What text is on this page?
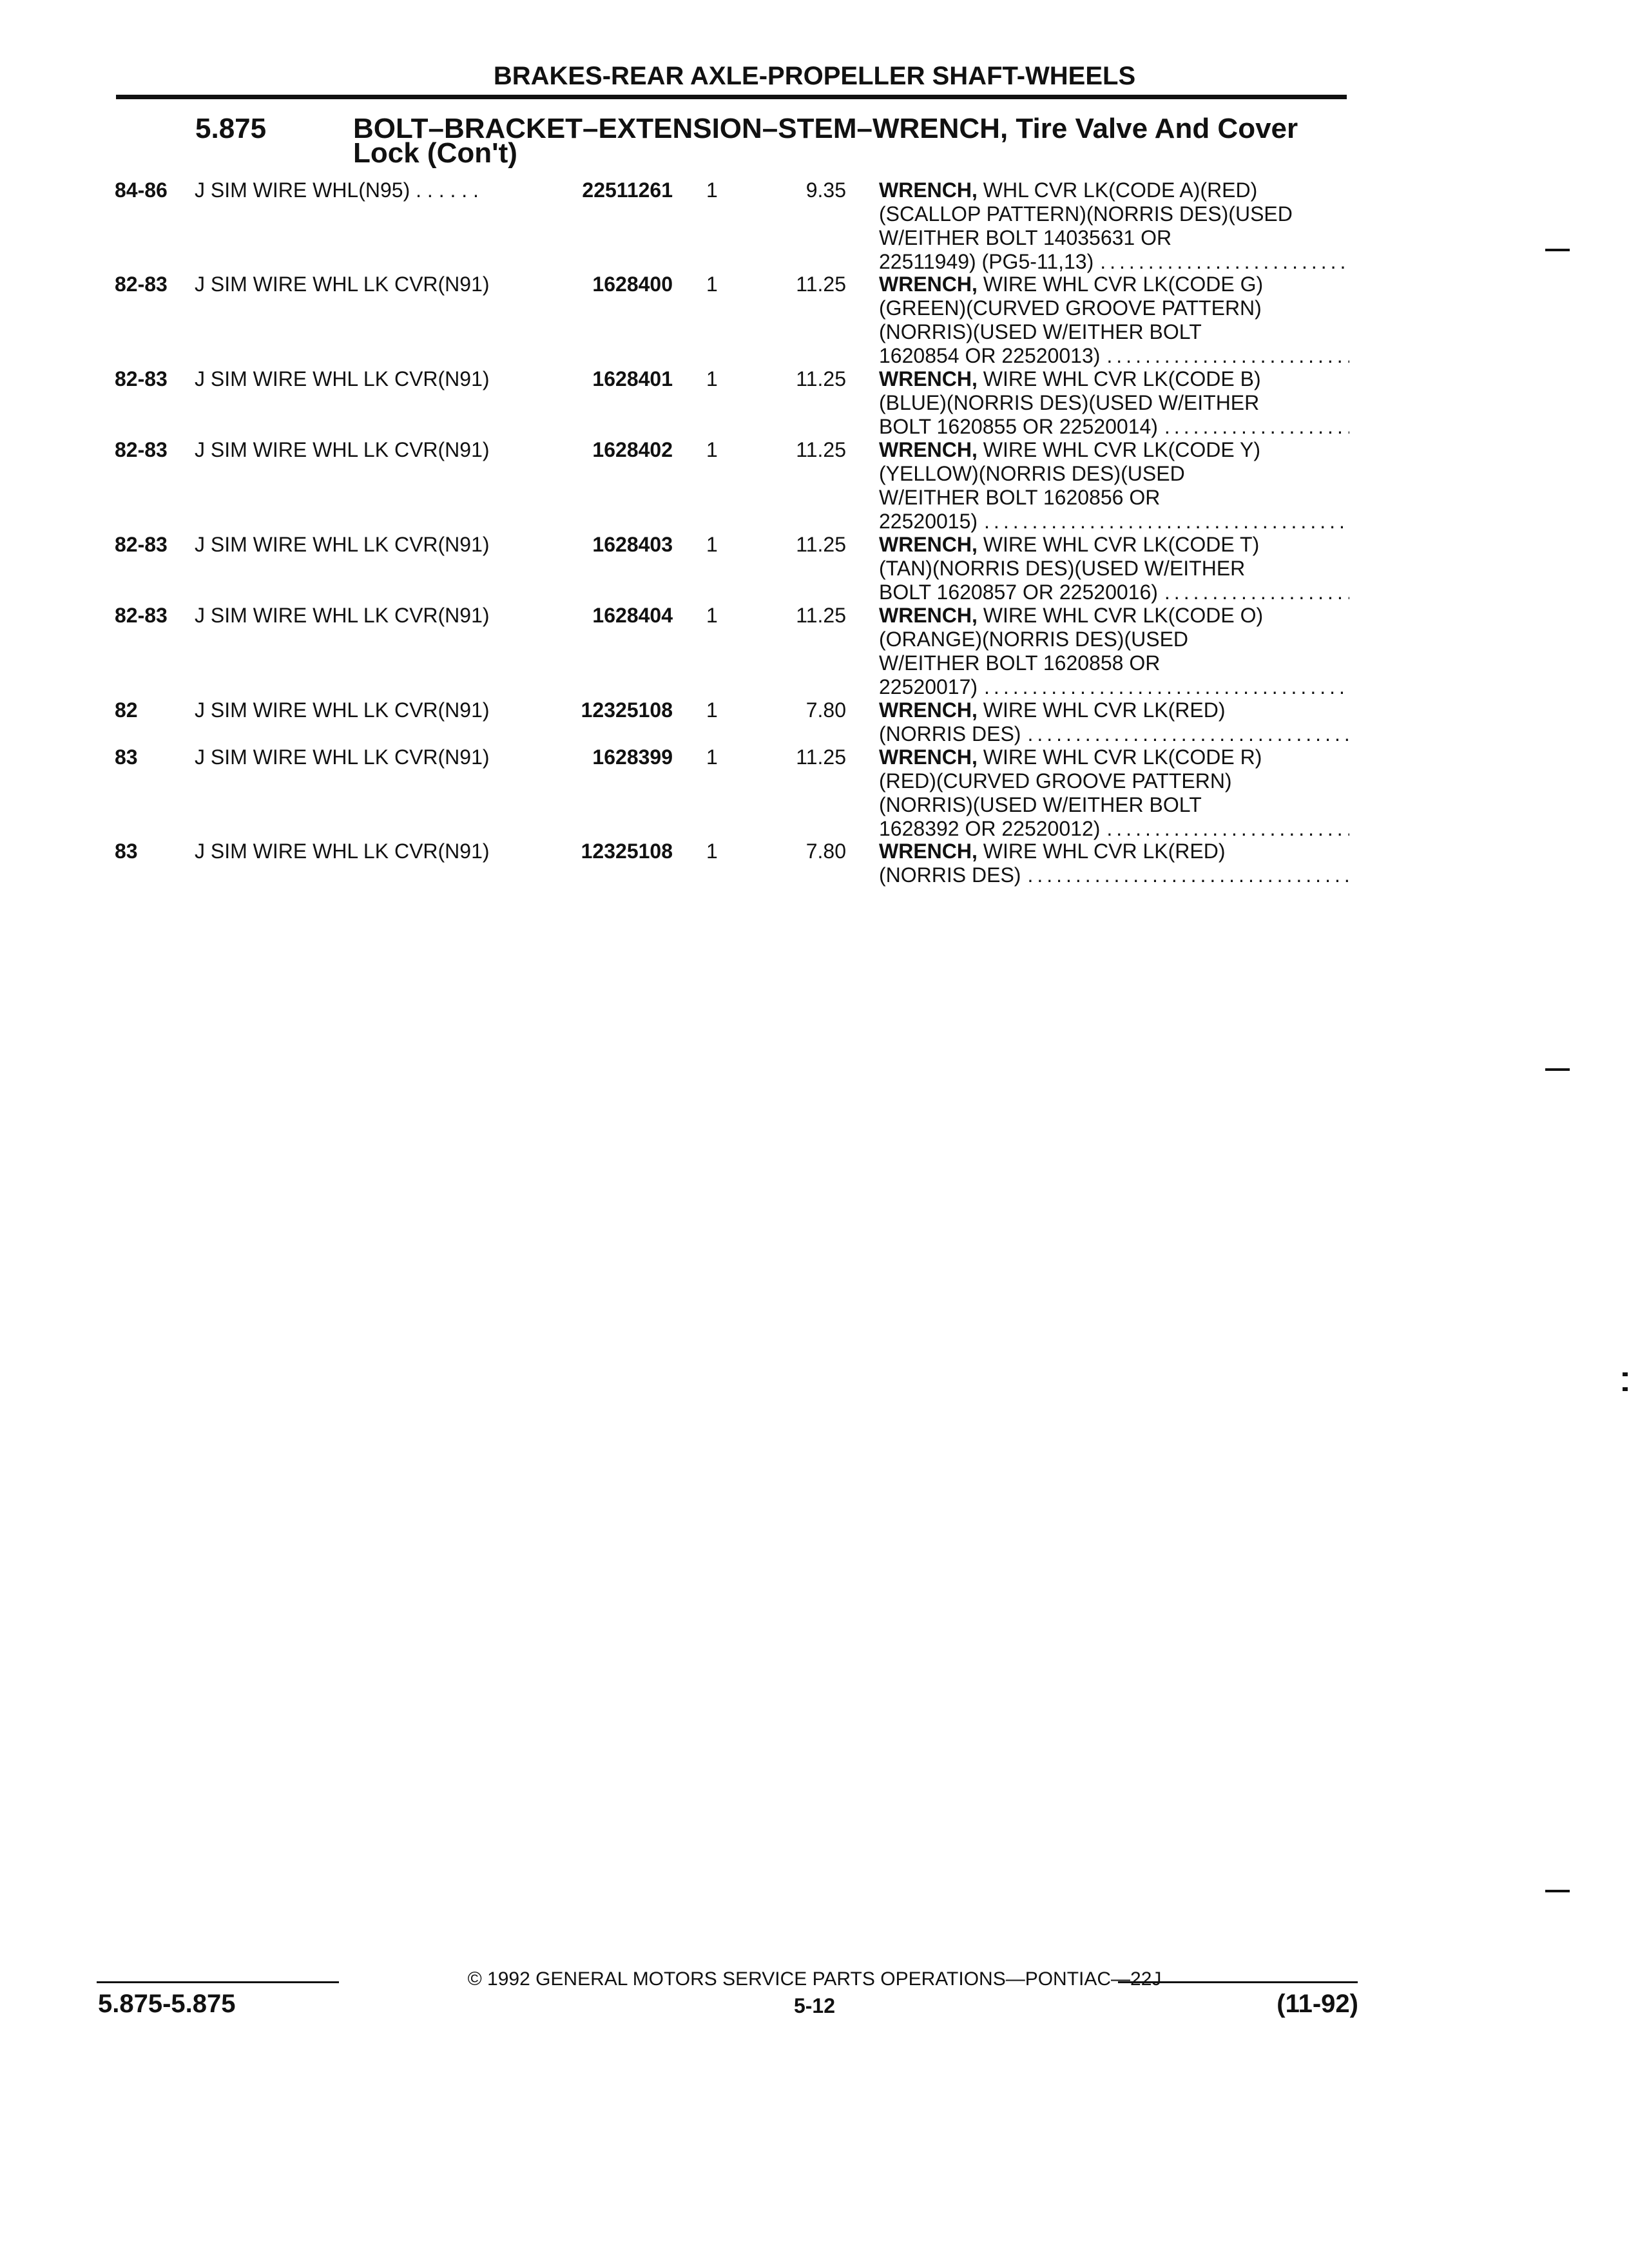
BRAKES-REAR AXLE-PROPELLER SHAFT-WHEELS
5.875	BOLT–BRACKET–EXTENSION–STEM–WRENCH, Tire Valve And Cover
Lock (Con't)
84-86 J SIM WIRE WHL(N95) . . . . . .	22511261 1	9.35 WRENCH, WHL CVR LK(CODE A)(RED)
(SCALLOP PATTERN)(NORRIS DES)(USED
W/EITHER BOLT 14035631 OR
22511949) (PG5-11,13)
.....
82-83 J SIM WIRE WHL LK CVR(N91)	1628400 1	11.25 WRENCH, WIRE WHL CVR LK(CODE G)
(GREEN)(CURVED GROOVE PATTERN)
(NORRIS)(USED W/EITHER BOLT
1620854 OR 22520013)
.....
82-83 J SIM WIRE WHL LK CVR(N91)	1628401 1	11.25 WRENCH, WIRE WHL CVR LK(CODE B)
(BLUE)(NORRIS DES)(USED W/EITHER
BOLT 1620855 OR 22520014)
.....
82-83 J SIM WIRE WHL LK CVR(N91)	1628402 1	11.25 WRENCH, WIRE WHL CVR LK(CODE Y)
(YELLOW)(NORRIS DES)(USED
W/EITHER BOLT 1620856 OR
22520015)
.....
82-83 J SIM WIRE WHL LK CVR(N91)	1628403 1	11.25 WRENCH, WIRE WHL CVR LK(CODE T)
(TAN)(NORRIS DES)(USED W/EITHER
BOLT 1620857 OR 22520016)
.....
82-83 J SIM WIRE WHL LK CVR(N91)	1628404 1	11.25 WRENCH, WIRE WHL CVR LK(CODE O)
(ORANGE)(NORRIS DES)(USED
W/EITHER BOLT 1620858 OR
22520017)
.....
82	J SIM WIRE WHL LK CVR(N91)	12325108 1	7.80 WRENCH, WIRE WHL CVR LK(RED)
(NORRIS DES)
.....
83	J SIM WIRE WHL LK CVR(N91)	1628399 1	11.25 WRENCH, WIRE WHL CVR LK(CODE R)
(RED)(CURVED GROOVE PATTERN)
(NORRIS)(USED W/EITHER BOLT
1628392 OR 22520012)
.....
83	J SIM WIRE WHL LK CVR(N91)	12325108 1	7.80 WRENCH, WIRE WHL CVR LK(RED)
(NORRIS DES)
.....
© 1992 GENERAL MOTORS SERVICE PARTS OPERATIONS—PONTIAC—22J
5.875-5.875	5-12	(11-92)
